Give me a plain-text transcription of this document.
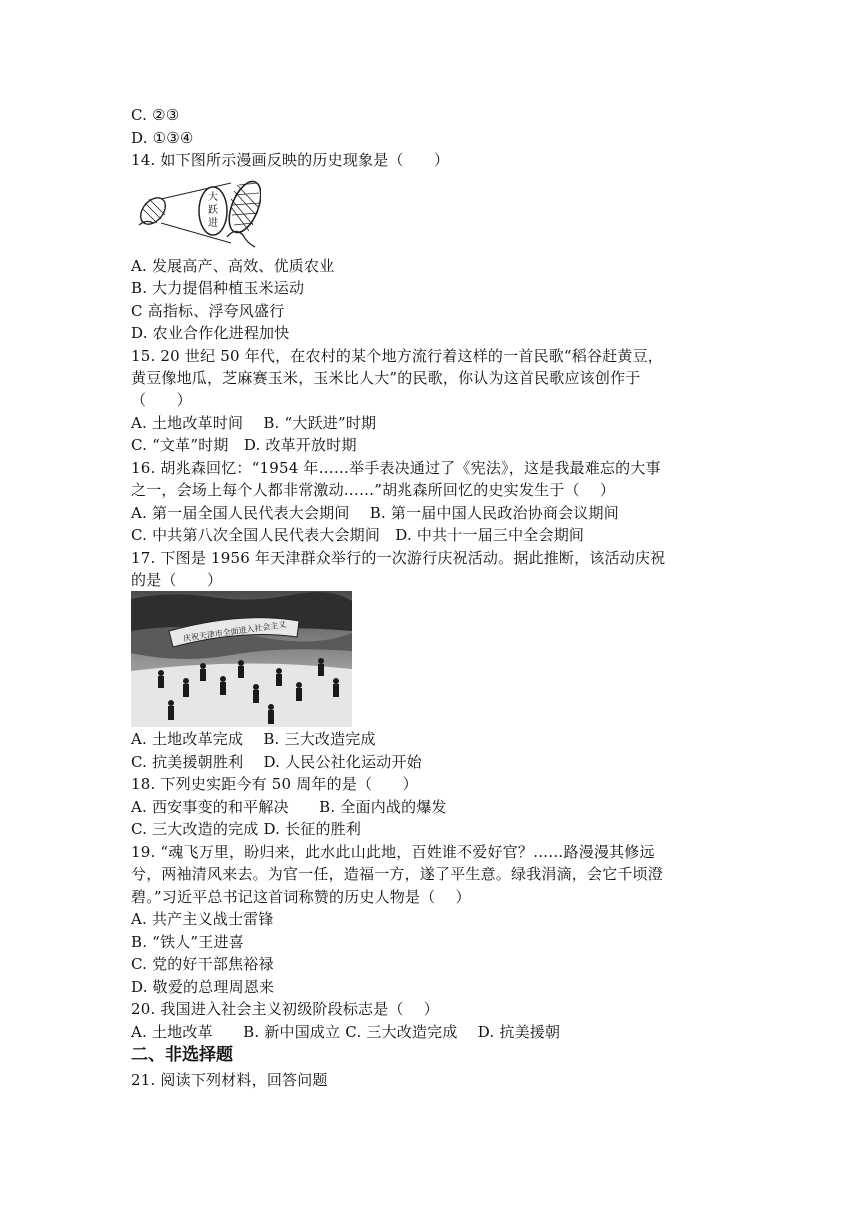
C. ②③
D. ①③④
14. 如下图所示漫画反映的历史现象是（　　）
大
跃
进
A. 发展高产、高效、优质农业
B. 大力提倡种植玉米运动
C 高指标、浮夸风盛行
D. 农业合作化进程加快
15. 20 世纪 50 年代，在农村的某个地方流行着这样的一首民歌“稻谷赶黄豆，
黄豆像地瓜，芝麻赛玉米，玉米比人大”的民歌，你认为这首民歌应该创作于
（　　）
A. 土地改革时间　 B. “大跃进”时期
C. “文革”时期　D. 改革开放时期
16. 胡兆森回忆：“1954 年……举手表决通过了《宪法》，这是我最难忘的大事
之一，会场上每个人都非常激动……”胡兆森所回忆的史实发生于（　 ）
A. 第一届全国人民代表大会期间　 B. 第一届中国人民政治协商会议期间
C. 中共第八次全国人民代表大会期间　D. 中共十一届三中全会期间
17. 下图是 1956 年天津群众举行的一次游行庆祝活动。据此推断，该活动庆祝
的是（　　）
庆祝天津市全面进入社会主义
A. 土地改革完成　 B. 三大改造完成
C. 抗美援朝胜利　 D. 人民公社化运动开始
18. 下列史实距今有 50 周年的是（　　）
A. 西安事变的和平解决　　B. 全面内战的爆发
C. 三大改造的完成 D. 长征的胜利
19. “魂飞万里，盼归来，此水此山此地，百姓谁不爱好官？……路漫漫其修远
兮，两袖清风来去。为官一任，造福一方，遂了平生意。绿我涓滴，会它千顷澄
碧。”习近平总书记这首词称赞的历史人物是（　 ）
A. 共产主义战士雷锋
B. “铁人”王进喜
C. 党的好干部焦裕禄
D. 敬爱的总理周恩来
20. 我国进入社会主义初级阶段标志是（　 ）
A. 土地改革　　B. 新中国成立 C. 三大改造完成　 D. 抗美援朝
二、非选择题
21. 阅读下列材料，回答问题
